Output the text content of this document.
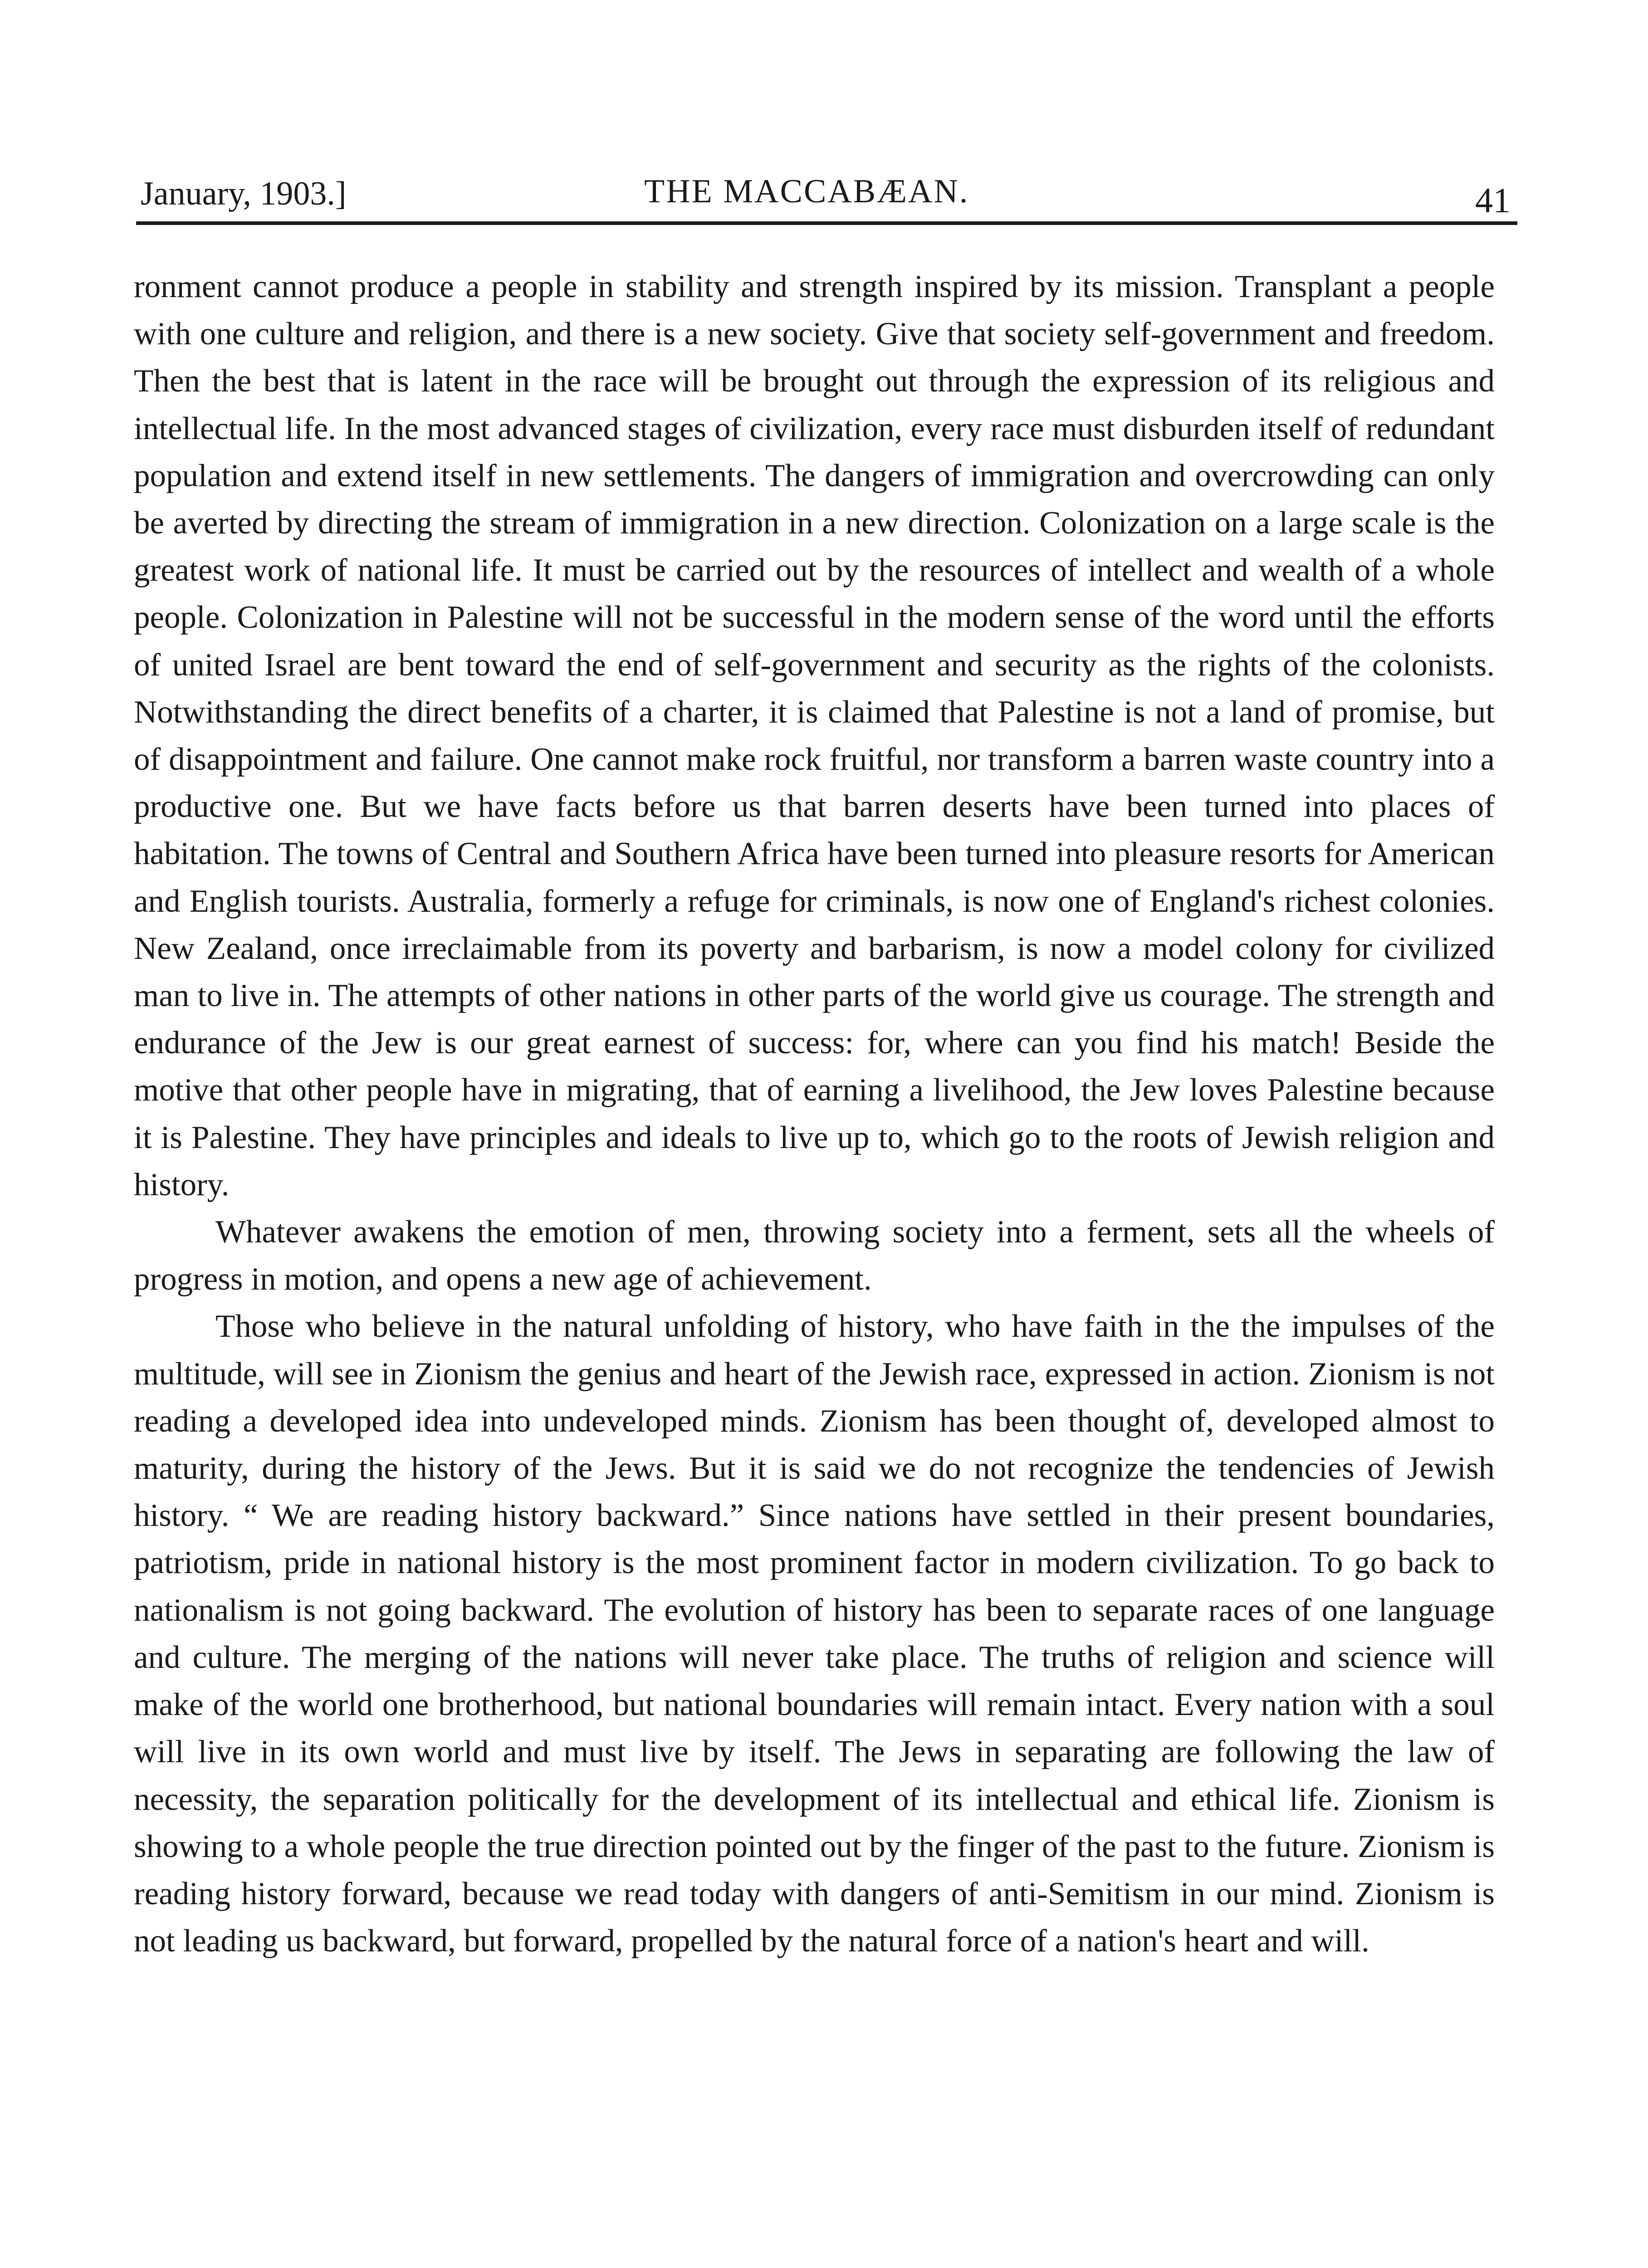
January, 1903.]	THE MACCABÆAN.	41

ronment cannot produce a people in stability and strength inspired by its mission. Transplant a people with one culture and religion, and there is a new society. Give that society self-government and freedom. Then the best that is latent in the race will be brought out through the expression of its religious and intellectual life. In the most advanced stages of civilization, every race must disburden itself of redundant population and extend itself in new settlements. The dangers of immigration and overcrowding can only be averted by directing the stream of immigration in a new direction. Colonization on a large scale is the greatest work of national life. It must be carried out by the resources of intellect and wealth of a whole people. Colonization in Palestine will not be successful in the modern sense of the word until the efforts of united Israel are bent toward the end of self-government and security as the rights of the colonists. Notwithstanding the direct benefits of a charter, it is claimed that Palestine is not a land of promise, but of disappointment and failure. One cannot make rock fruitful, nor transform a barren waste country into a productive one. But we have facts before us that barren deserts have been turned into places of habitation. The towns of Central and Southern Africa have been turned into pleasure resorts for American and English tourists. Australia, formerly a refuge for criminals, is now one of England's richest colonies. New Zealand, once irreclaimable from its poverty and barbarism, is now a model colony for civilized man to live in. The attempts of other nations in other parts of the world give us courage. The strength and endurance of the Jew is our great earnest of success: for, where can you find his match! Beside the motive that other people have in migrating, that of earning a livelihood, the Jew loves Palestine because it is Palestine. They have principles and ideals to live up to, which go to the roots of Jewish religion and history.

Whatever awakens the emotion of men, throwing society into a ferment, sets all the wheels of progress in motion, and opens a new age of achievement.

Those who believe in the natural unfolding of history, who have faith in the the impulses of the multitude, will see in Zionism the genius and heart of the Jewish race, expressed in action. Zionism is not reading a developed idea into undeveloped minds. Zionism has been thought of, developed almost to maturity, during the history of the Jews. But it is said we do not recognize the tendencies of Jewish history. “ We are reading history backward.” Since nations have settled in their present boundaries, patriotism, pride in national history is the most prominent factor in modern civilization. To go back to nationalism is not going backward. The evolution of history has been to separate races of one language and culture. The merging of the nations will never take place. The truths of religion and science will make of the world one brotherhood, but national boundaries will remain intact. Every nation with a soul will live in its own world and must live by itself. The Jews in separating are following the law of necessity, the separation politically for the development of its intellectual and ethical life. Zionism is showing to a whole people the true direction pointed out by the finger of the past to the future. Zionism is reading history forward, because we read today with dangers of anti-Semitism in our mind. Zionism is not leading us backward, but forward, propelled by the natural force of a nation's heart and will.
